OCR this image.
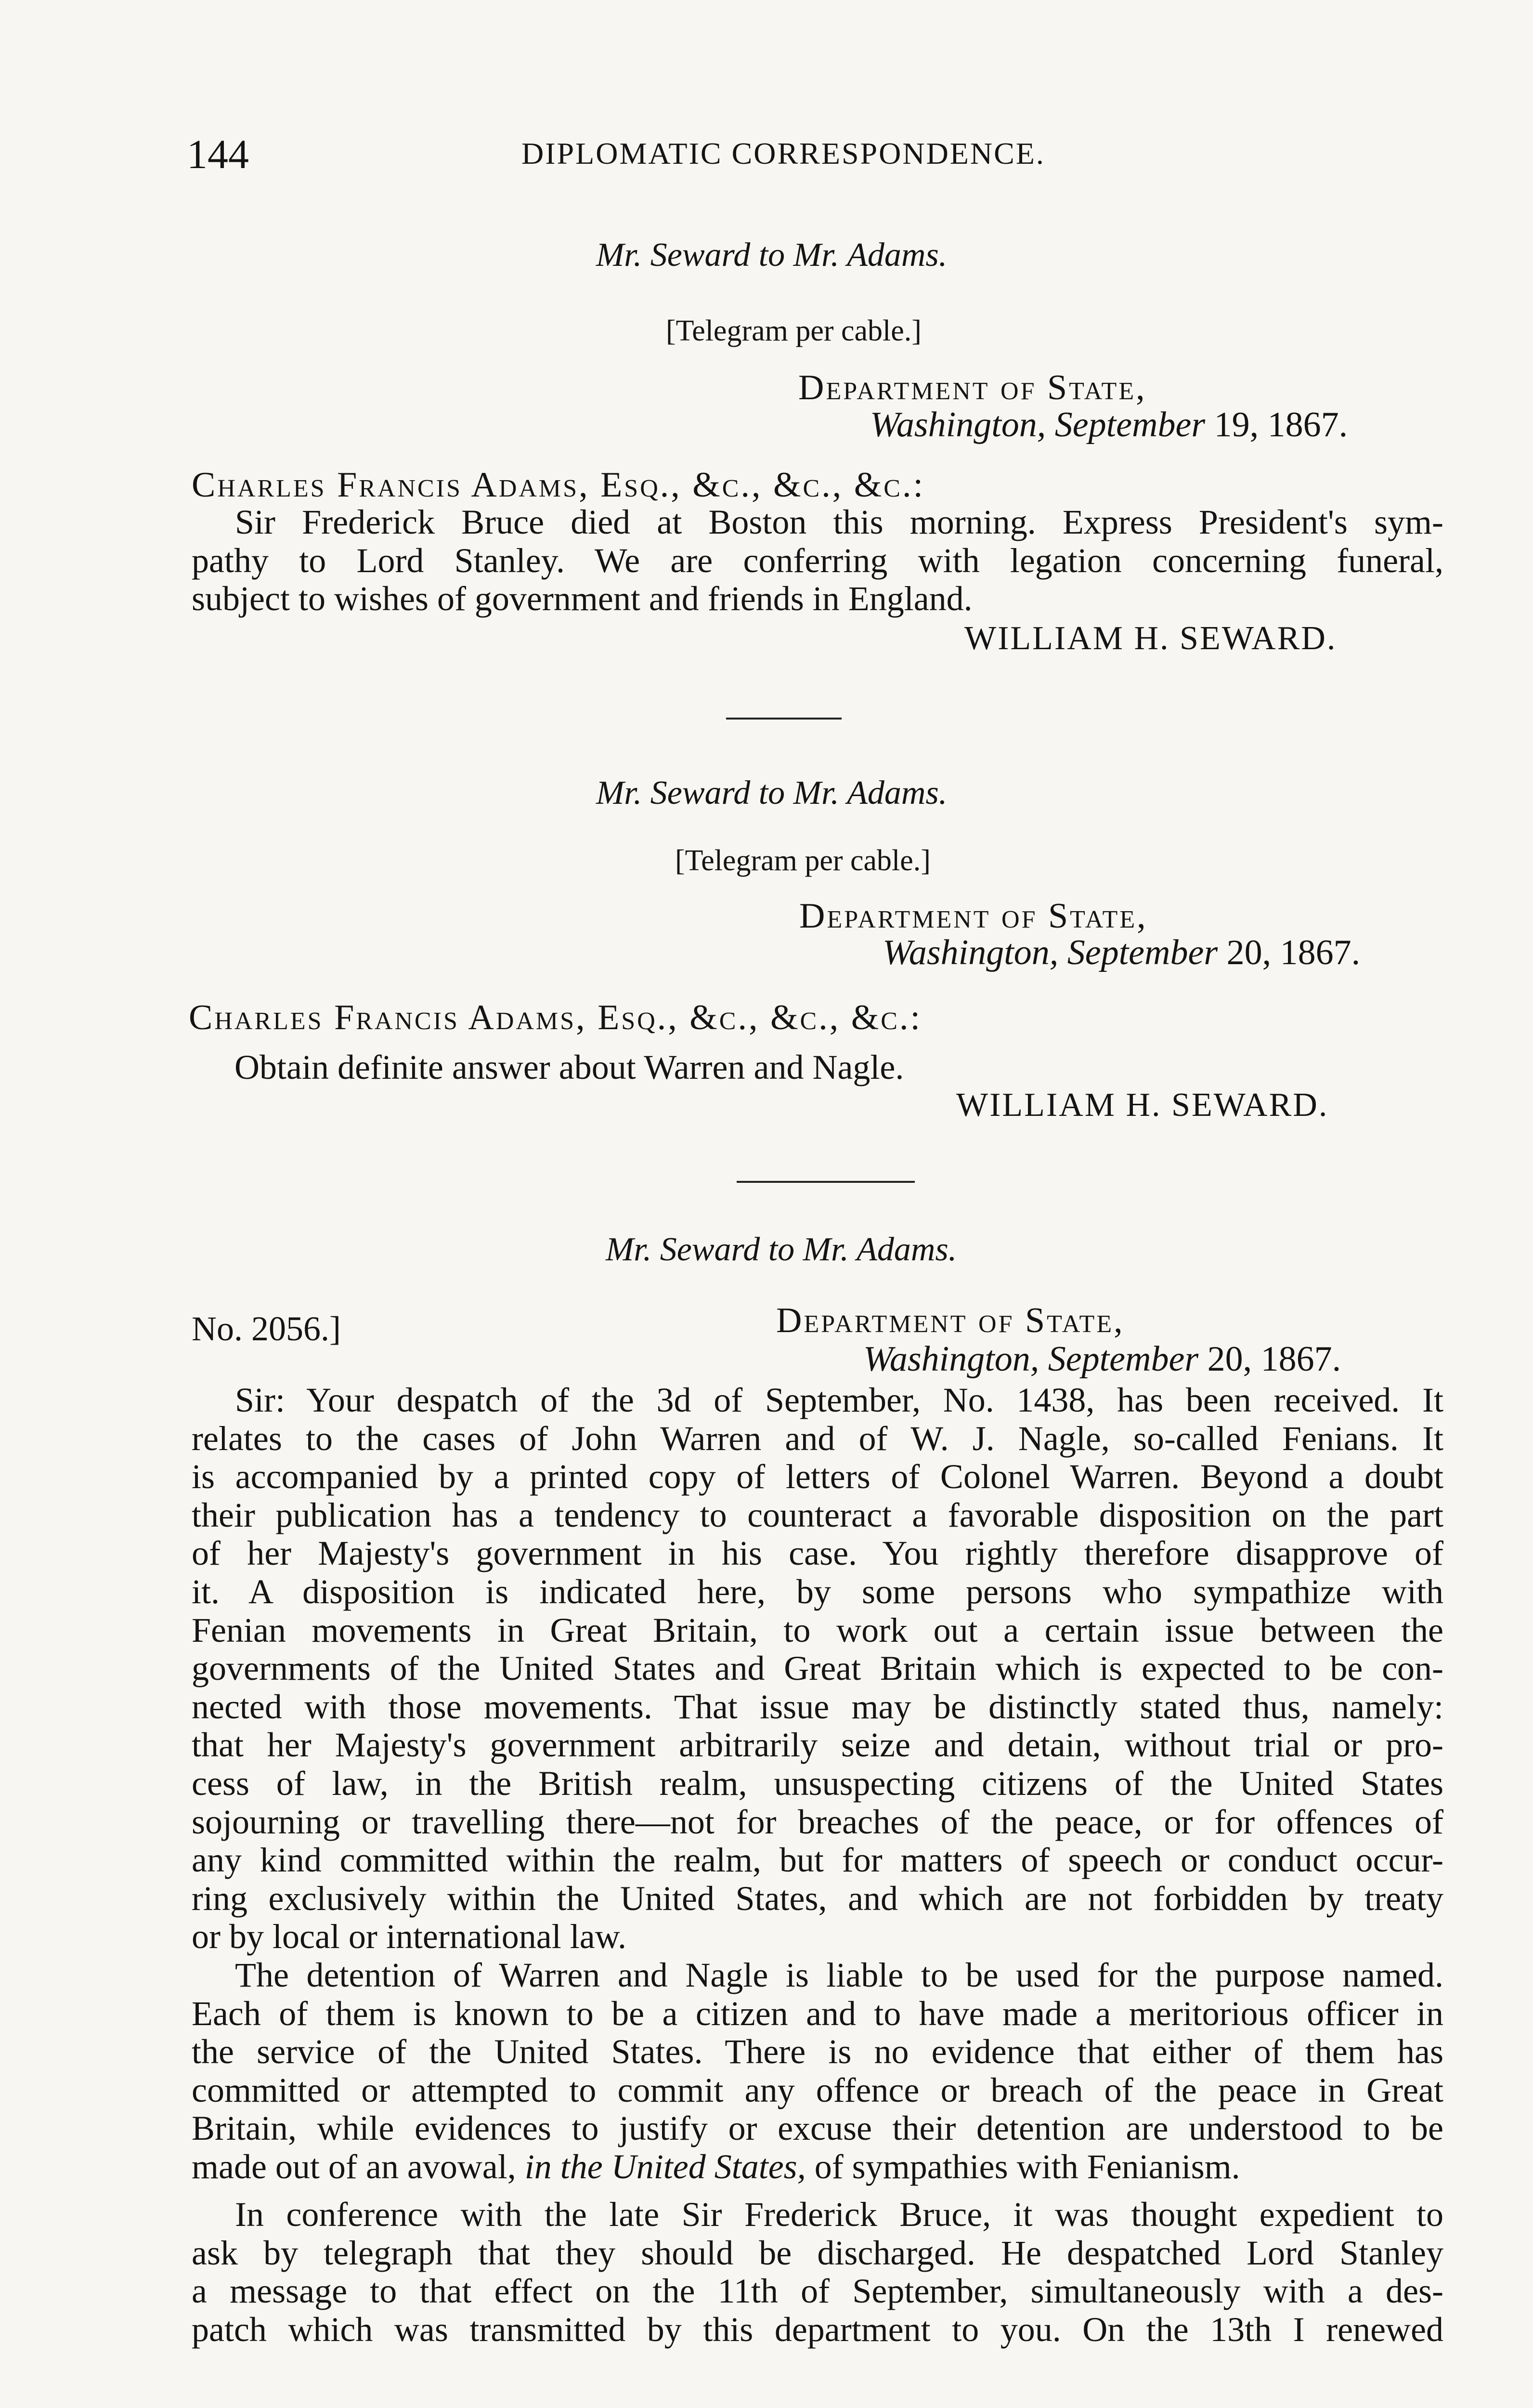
144	DIPLOMATIC CORRESPONDENCE.
Mr. Seward to Mr. Adams.
[Telegram per cable.]
Department of State,
Washington, September 19, 1867.
Charles Francis Adams, Esq., &c., &c., &c.:
Sir Frederick Bruce died at Boston this morning. Express President's sym-
pathy to Lord Stanley. We are conferring with legation concerning funeral,
subject to wishes of government and friends in England.
WILLIAM H. SEWARD.
Mr. Seward to Mr. Adams.
[Telegram per cable.]
Department of State,
Washington, September 20, 1867.
Charles Francis Adams, Esq., &c., &c., &c.:
Obtain definite answer about Warren and Nagle.
WILLIAM H. SEWARD.
Mr. Seward to Mr. Adams.
No. 2056.]	Department of State,
Washington, September 20, 1867.
Sir: Your despatch of the 3d of September, No. 1438, has been received. It
relates to the cases of John Warren and of W. J. Nagle, so-called Fenians. It
is accompanied by a printed copy of letters of Colonel Warren. Beyond a doubt
their publication has a tendency to counteract a favorable disposition on the part
of her Majesty's government in his case. You rightly therefore disapprove of
it. A disposition is indicated here, by some persons who sympathize with
Fenian movements in Great Britain, to work out a certain issue between the
governments of the United States and Great Britain which is expected to be con-
nected with those movements. That issue may be distinctly stated thus, namely:
that her Majesty's government arbitrarily seize and detain, without trial or pro-
cess of law, in the British realm, unsuspecting citizens of the United States
sojourning or travelling there—not for breaches of the peace, or for offences of
any kind committed within the realm, but for matters of speech or conduct occur-
ring exclusively within the United States, and which are not forbidden by treaty
or by local or international law.
The detention of Warren and Nagle is liable to be used for the purpose named.
Each of them is known to be a citizen and to have made a meritorious officer in
the service of the United States. There is no evidence that either of them has
committed or attempted to commit any offence or breach of the peace in Great
Britain, while evidences to justify or excuse their detention are understood to be
made out of an avowal, in the United States, of sympathies with Fenianism.
In conference with the late Sir Frederick Bruce, it was thought expedient to
ask by telegraph that they should be discharged. He despatched Lord Stanley
a message to that effect on the 11th of September, simultaneously with a des-
patch which was transmitted by this department to you. On the 13th I renewed
